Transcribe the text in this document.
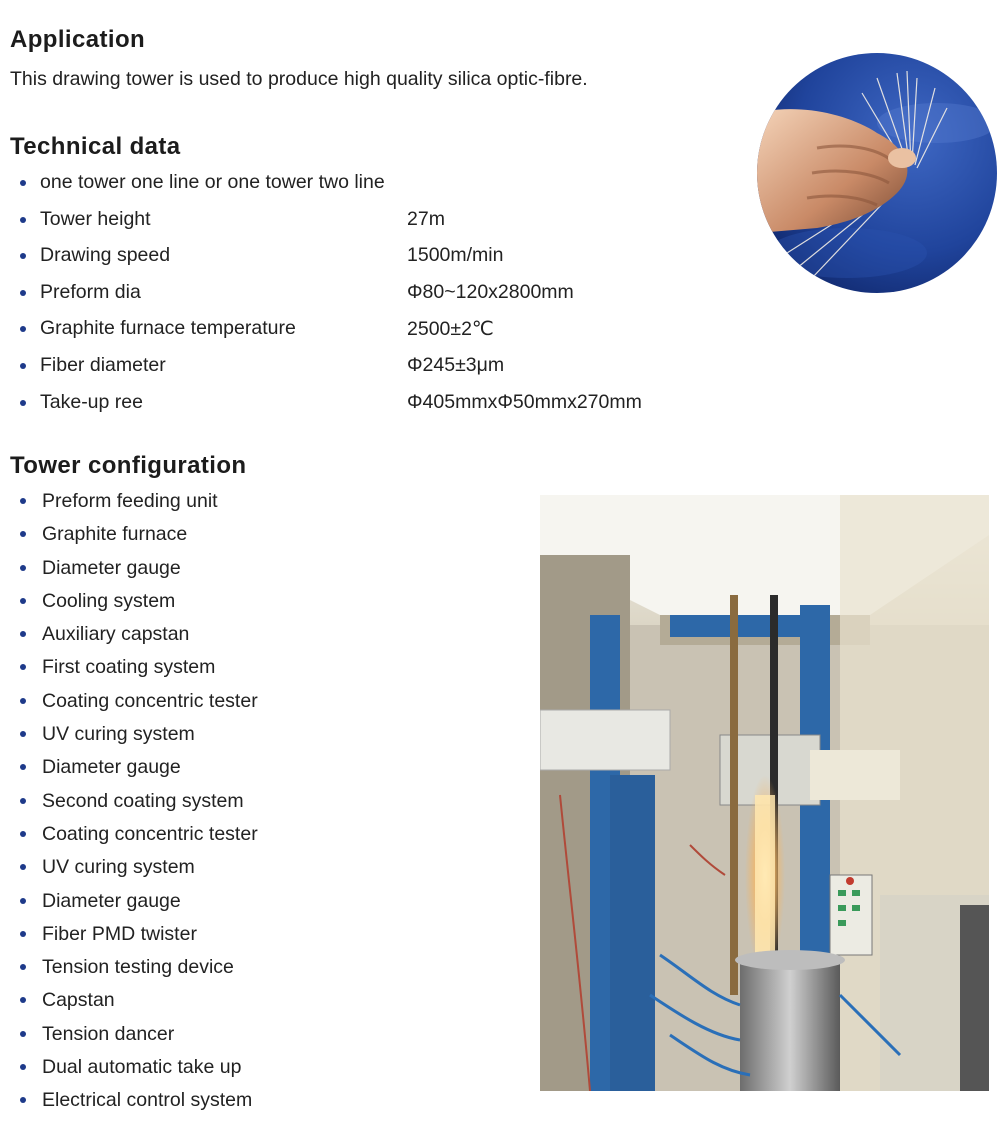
Application

This drawing tower is used to produce high quality silica optic-fibre.

Technical data
one tower one line or one tower two line
Tower height	27m
Drawing speed	1500m/min
Preform dia	Φ80~120x2800mm
Graphite furnace temperature	2500±2℃
Fiber diameter	Φ245±3μm
Take-up ree	Φ405mmxΦ50mmx270mm
Tower configuration
Preform feeding unit
Graphite furnace
Diameter gauge
Cooling system
Auxiliary capstan
First coating system
Coating concentric tester
UV curing system
Diameter gauge
Second coating system
Coating concentric tester
UV curing system
Diameter gauge
Fiber PMD twister
Tension testing device
Capstan
Tension dancer
Dual automatic take up
Electrical control system
